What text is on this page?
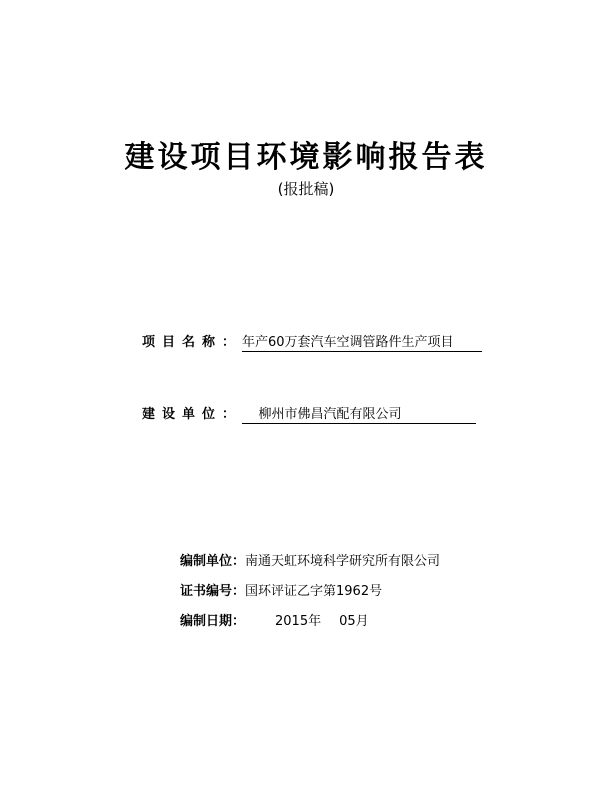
建设项目环境影响报告表
(报批稿)
项目名称：年产60万套汽车空调管路件生产项目
建设单位： 柳州市佛昌汽配有限公司
编制单位：南通天虹环境科学研究所有限公司
证书编号：国环评证乙字第1962号
编制日期： 2015年 05月
